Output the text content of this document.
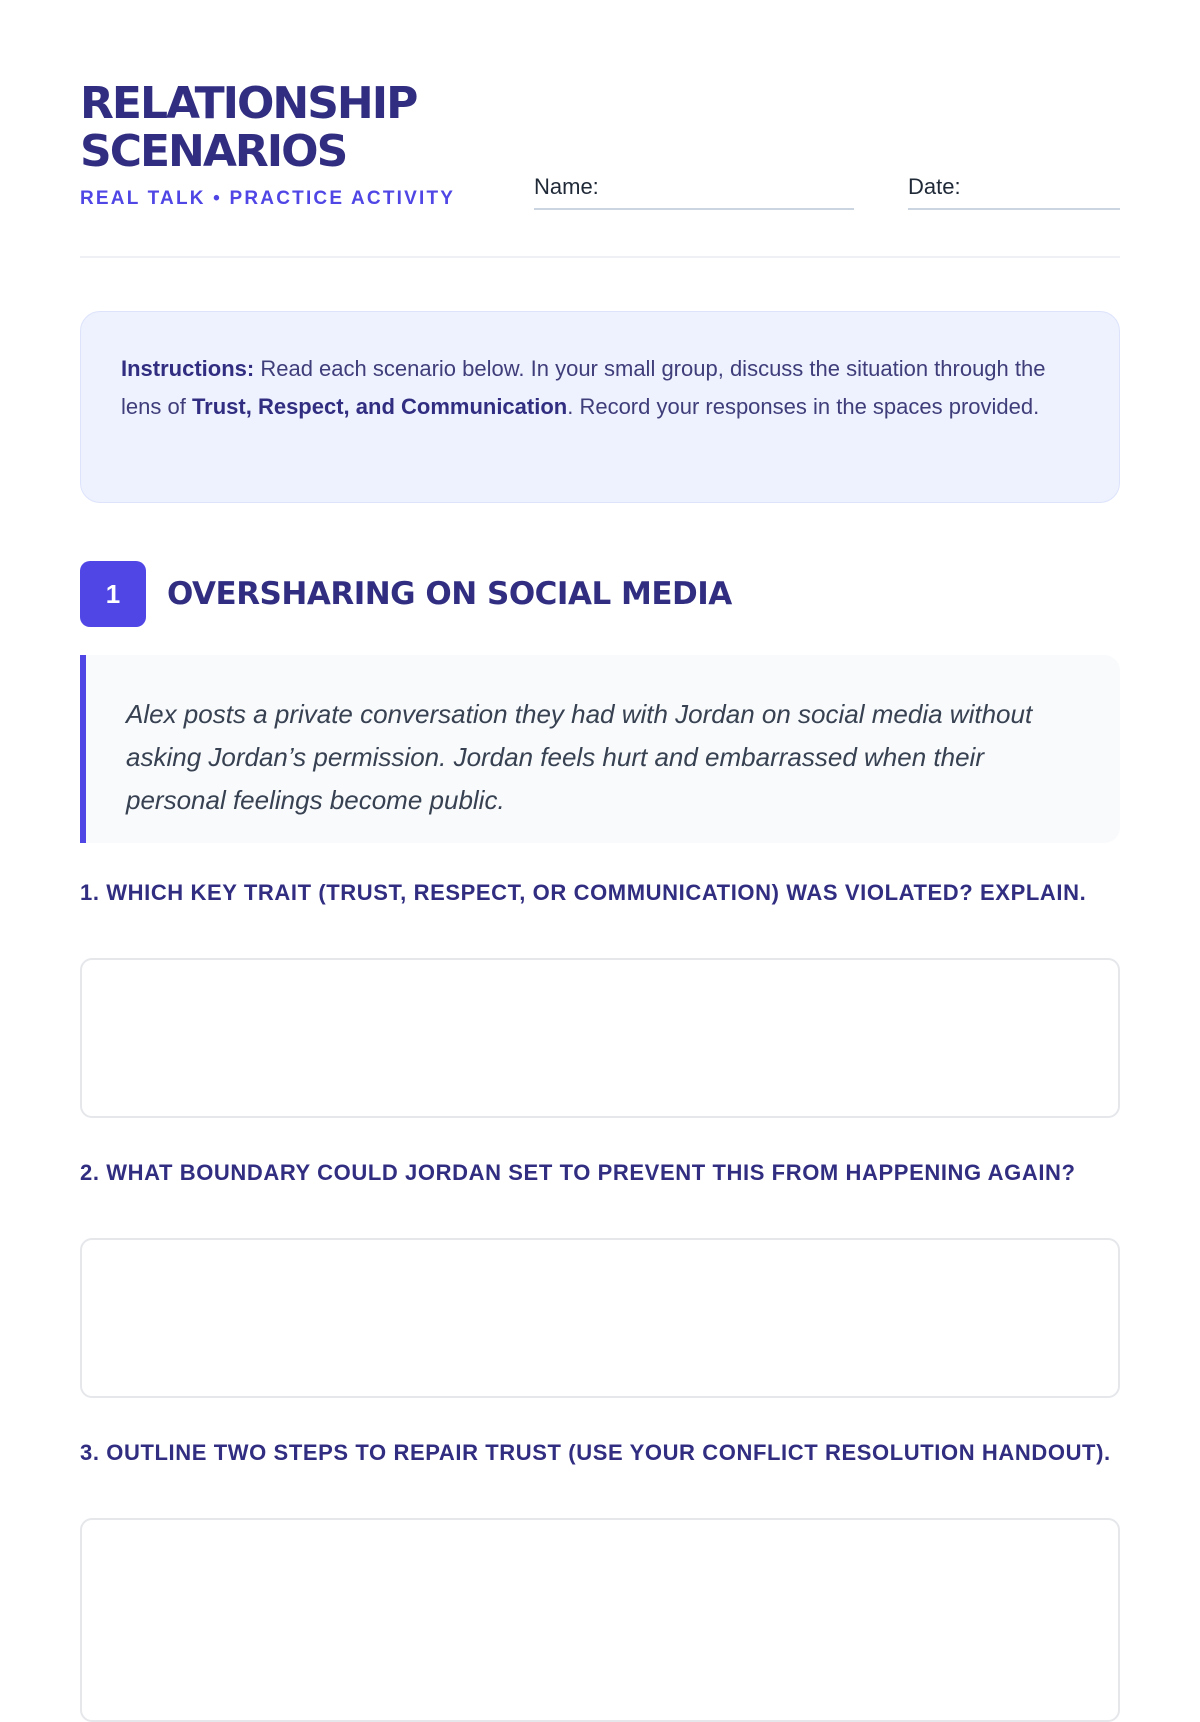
RELATIONSHIP
SCENARIOS
REAL TALK • PRACTICE ACTIVITY	Name:	Date:
Instructions: Read each scenario below. In your small group, discuss the situation through the lens of Trust, Respect, and Communication. Record your responses in the spaces provided.
1	OVERSHARING ON SOCIAL MEDIA
Alex posts a private conversation they had with Jordan on social media without asking Jordan’s permission. Jordan feels hurt and embarrassed when their personal feelings become public.
1. WHICH KEY TRAIT (TRUST, RESPECT, OR COMMUNICATION) WAS VIOLATED? EXPLAIN.
2. WHAT BOUNDARY COULD JORDAN SET TO PREVENT THIS FROM HAPPENING AGAIN?
3. OUTLINE TWO STEPS TO REPAIR TRUST (USE YOUR CONFLICT RESOLUTION HANDOUT).
